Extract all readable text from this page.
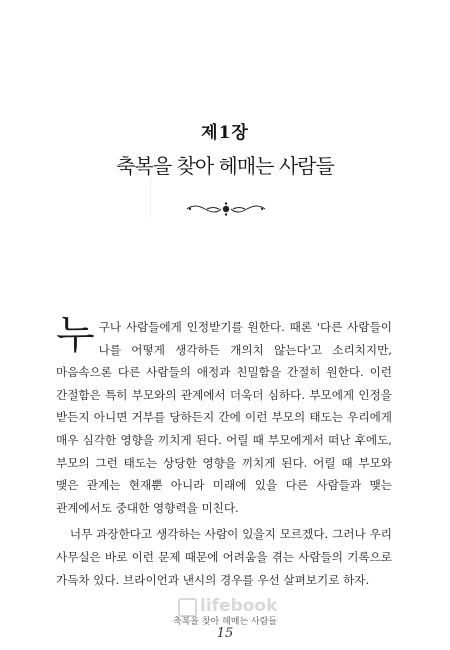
제1장
축복을 찾아 헤매는 사람들

누구나 사람들에게 인정받기를 원한다. 때론 '다른 사람들이 나를 어떻게 생각하든 개의치 않는다'고 소리치지만, 마음속으론 다른 사람들의 애정과 친밀함을 간절히 원한다. 이런 간절함은 특히 부모와의 관계에서 더욱더 심하다. 부모에게 인정을 받든지 아니면 거부를 당하든지 간에 이런 부모의 태도는 우리에게 매우 심각한 영향을 끼치게 된다. 어릴 때 부모에게서 떠난 후에도, 부모의 그런 태도는 상당한 영향을 끼치게 된다. 어릴 때 부모와 맺은 관계는 현재뿐 아니라 미래에 있을 다른 사람들과 맺는 관계에서도 중대한 영향력을 미친다.

너무 과장한다고 생각하는 사람이 있을지 모르겠다. 그러나 우리 사무실은 바로 이런 문제 때문에 어려움을 겪는 사람들의 기록으로 가득차 있다. 브라이언과 낸시의 경우를 우선 살펴보기로 하자.

lifebook
축복을 찾아 헤매는 사람들
15
